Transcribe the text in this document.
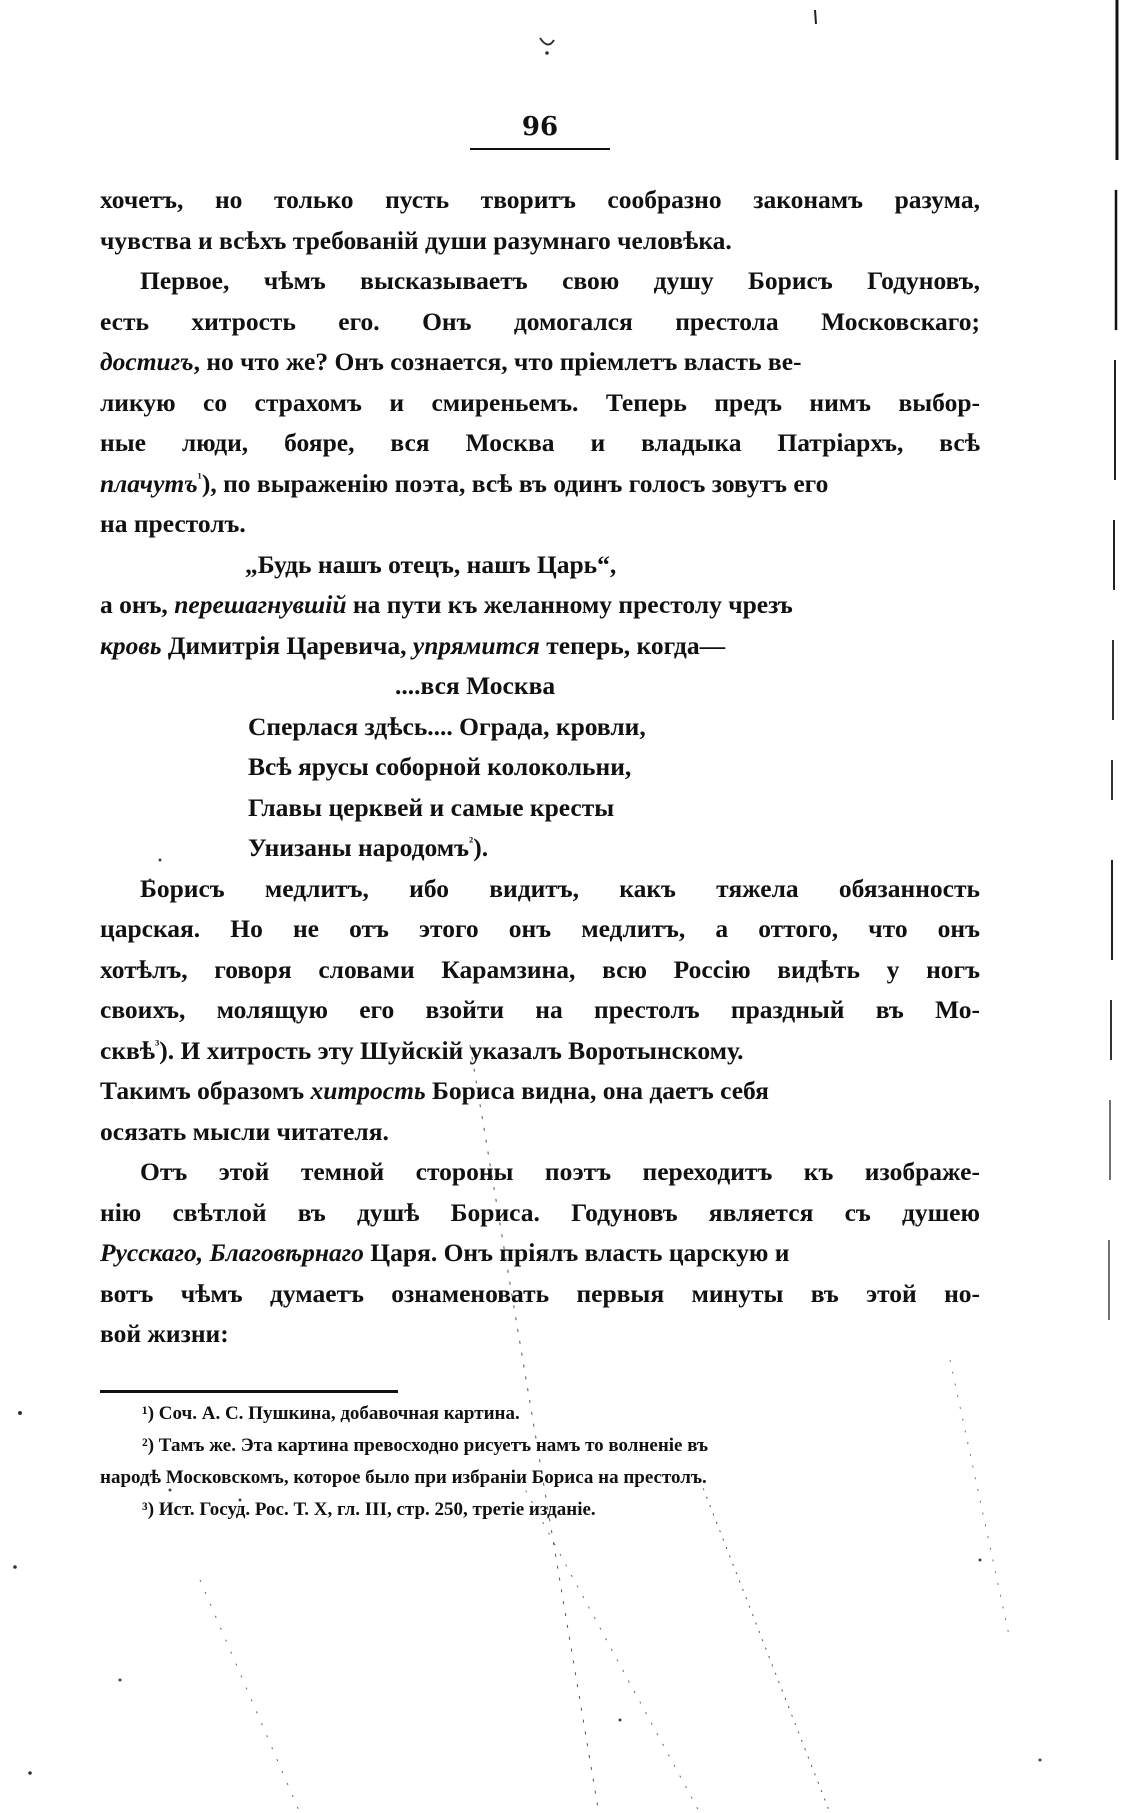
96
хочетъ, но только пусть творитъ сообразно законамъ разума,
чувства и всѣхъ требованій души разумнаго человѣка.
Первое, чѣмъ высказываетъ свою душу Борисъ Годуновъ,
есть хитрость его. Онъ домогался престола Московскаго;
достигъ, но что же? Онъ сознается, что пріемлетъ власть ве-
ликую со страхомъ и смиреньемъ. Теперь предъ нимъ выбор-
ные люди, бояре, вся Москва и владыка Патріархъ, всѣ
плачутъ$^{^1}$), по выраженію поэта, всѣ въ одинъ голосъ зовутъ его
на престолъ.
„Будь нашъ отецъ, нашъ Царь“,
а онъ, перешагнувшій на пути къ желанному престолу чрезъ
кровь Димитрія Царевича, упрямится теперь, когда—
....вся Москва
Сперлася здѣсь.... Ограда, кровли,
Всѣ ярусы соборной колокольни,
Главы церквей и самые кресты
Унизаны народомъ$^{^2}$).
Борисъ медлитъ, ибо видитъ, какъ тяжела обязанность
царская. Но не отъ этого онъ медлитъ, а оттого, что онъ
хотѣлъ, говоря словами Карамзина, всю Россію видѣть у ногъ
своихъ, молящую его взойти на престолъ праздный въ Мо-
сквѣ$^{^3}$). И хитрость эту Шуйскій указалъ Воротынскому.
Такимъ образомъ хитрость Бориса видна, она даетъ себя
осязать мысли читателя.
Отъ этой темной стороны поэтъ переходитъ къ изображе-
нію свѣтлой въ душѣ Бориса. Годуновъ является съ душею
Русскаго, Благовѣрнаго Царя. Онъ пріялъ власть царскую и
вотъ чѣмъ думаетъ ознаменовать первыя минуты въ этой но-
вой жизни:
¹) Соч. А. С. Пушкина, добавочная картина.
²) Тамъ же. Эта картина превосходно рисуетъ намъ то волненіе въ
народѣ Московскомъ, которое было при избраніи Бориса на престолъ.
³) Ист. Госуд. Рос. Т. X, гл. III, стр. 250, третіе изданіе.
